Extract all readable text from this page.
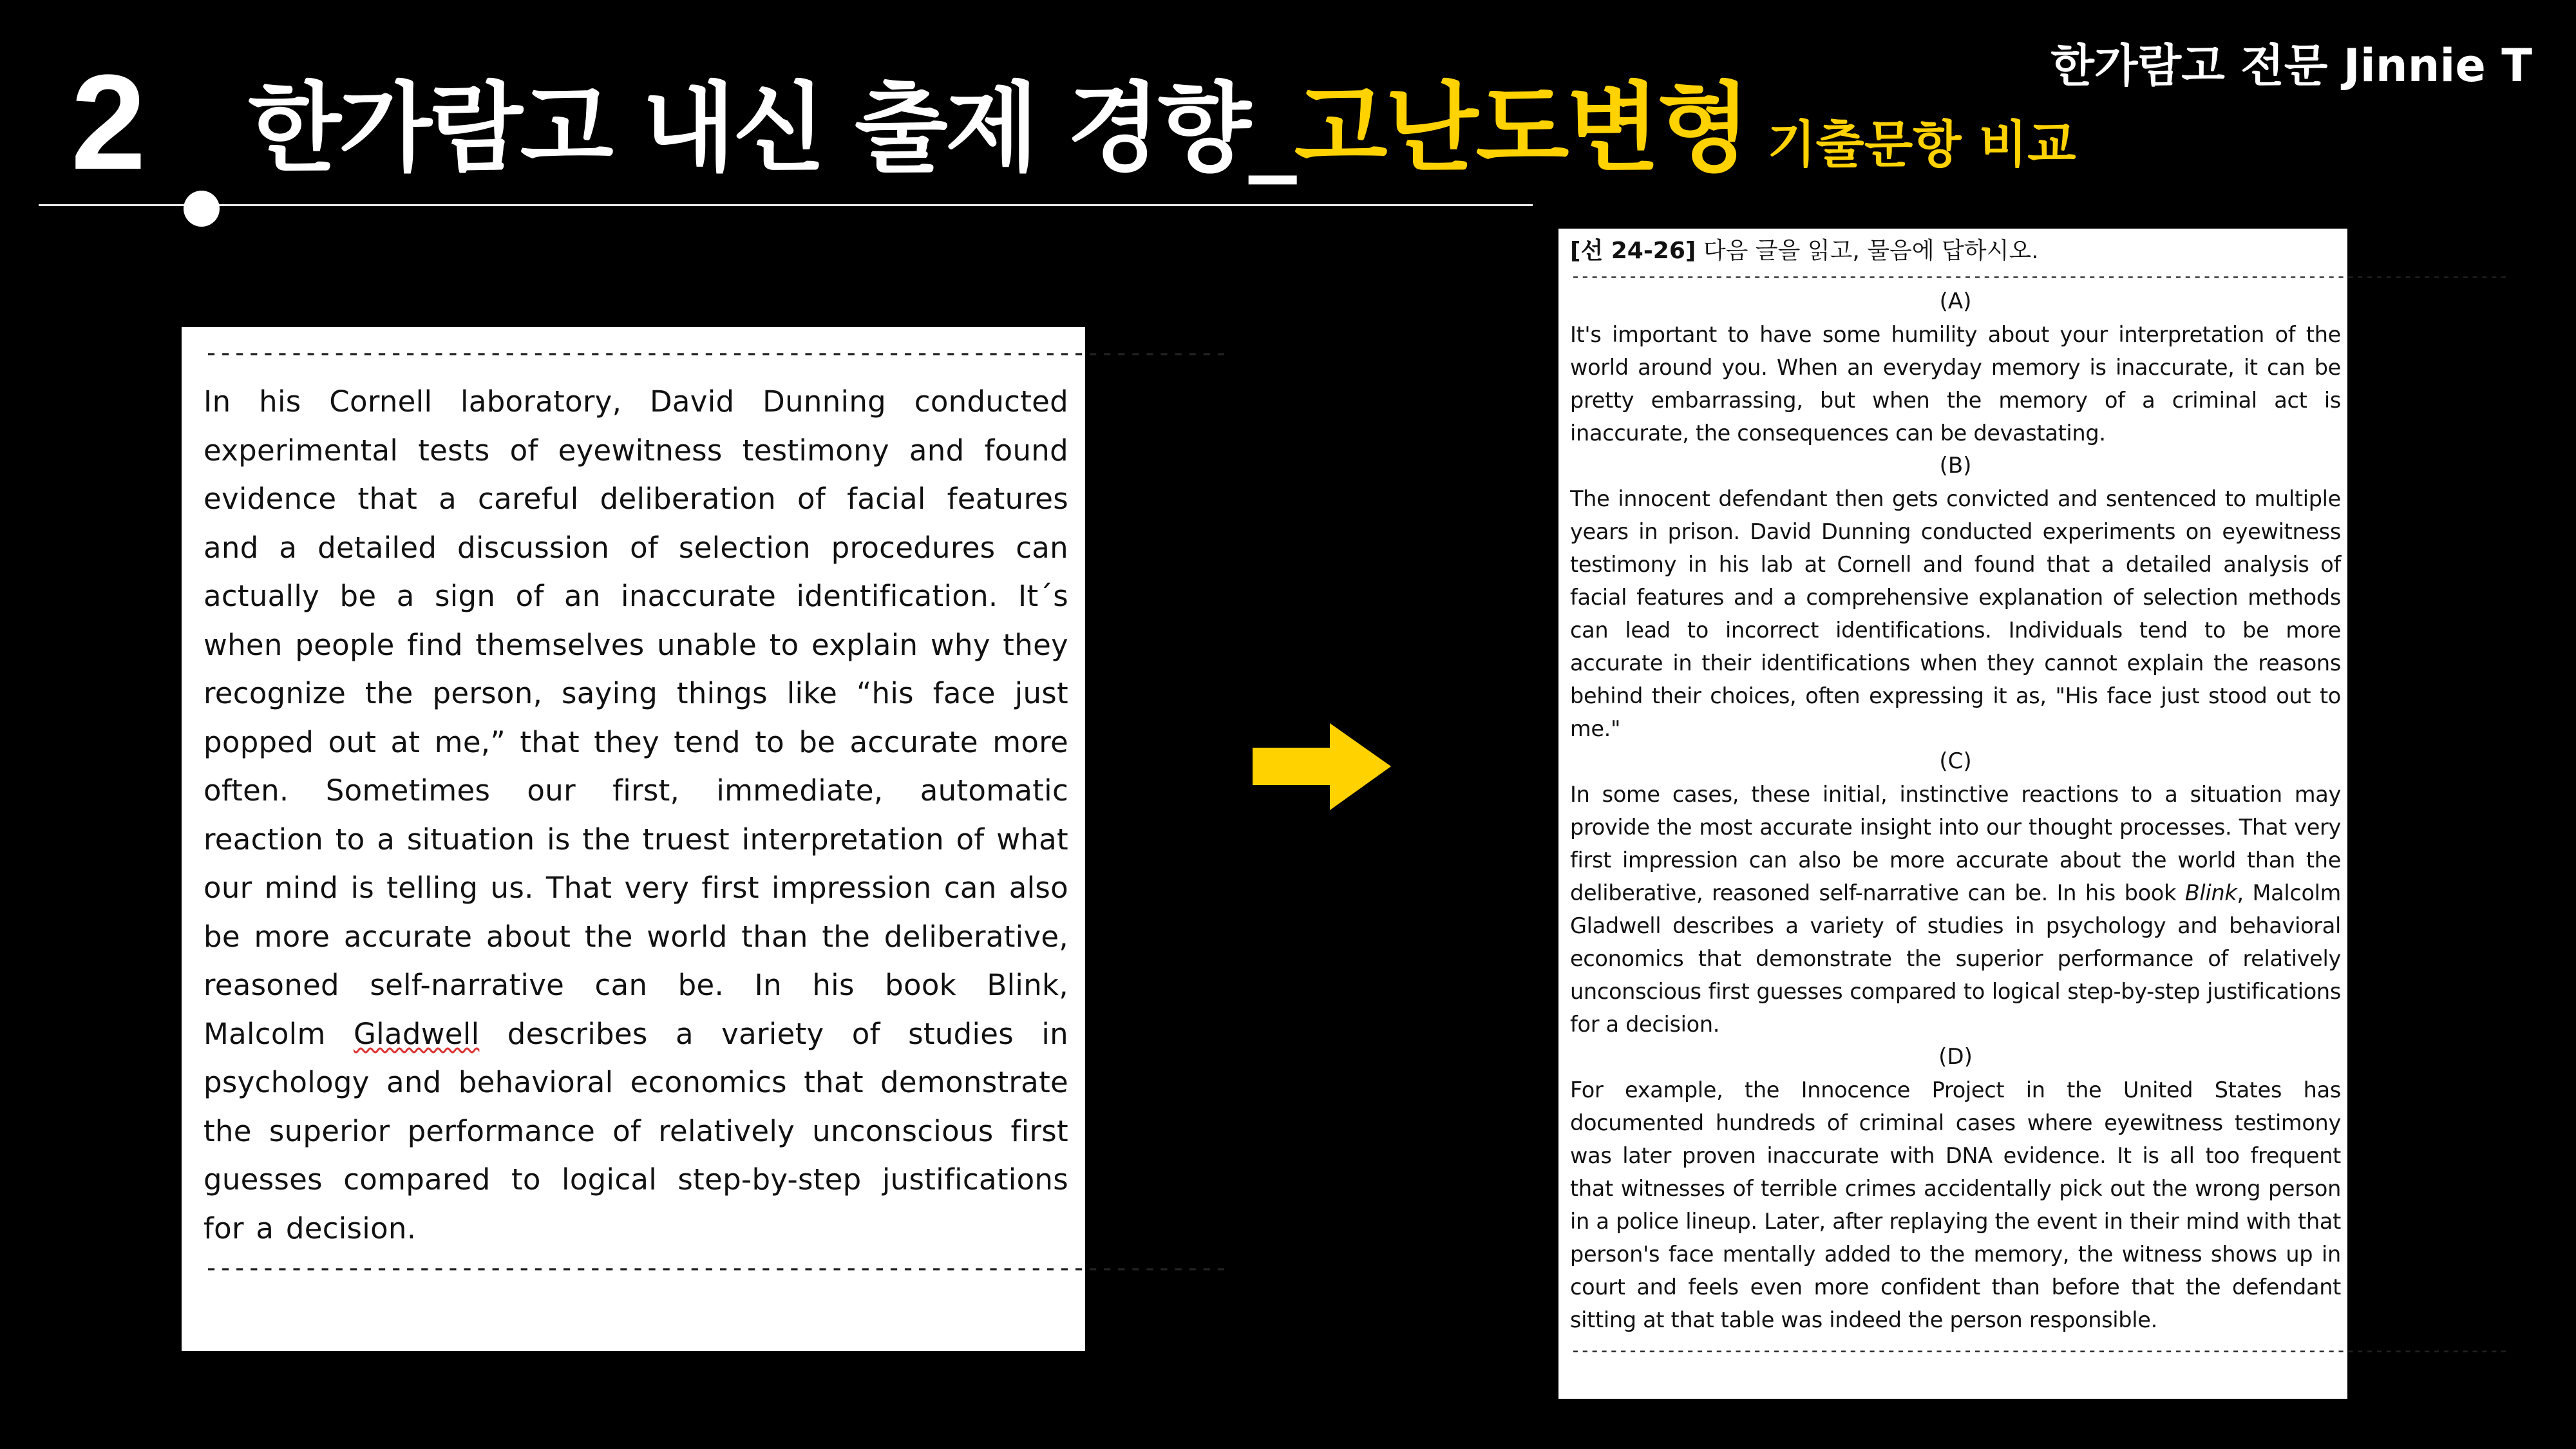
한가람고 전문 Jinnie T
2 한가람고 내신 출제 경향_고난도변형 기출문항 비교
------------------------------------------------------------------------

In his Cornell laboratory, David Dunning conducted experimental tests of eyewitness testimony and found evidence that a careful deliberation of facial features and a detailed discussion of selection procedures can actually be a sign of an inaccurate identification. It´s when people find themselves unable to explain why they recognize the person, saying things like “his face just popped out at me,” that they tend to be accurate more often. Sometimes our first, immediate, automatic reaction to a situation is the truest interpretation of what our mind is telling us. That very first impression can also be more accurate about the world than the deliberative, reasoned self-narrative can be. In his book Blink, Malcolm Gladwell describes a variety of studies in psychology and behavioral economics that demonstrate the superior performance of relatively unconscious first guesses compared to logical step-by-step justifications for a decision.

------------------------------------------------------------------------
[선 24-26] 다음 글을 읽고, 물음에 답하시오.
--------------------------------------------------------------------------------------------------
(A)

It's important to have some humility about your interpretation of the world around you. When an everyday memory is inaccurate, it can be pretty embarrassing, but when the memory of a criminal act is inaccurate, the consequences can be devastating.

(B)

The innocent defendant then gets convicted and sentenced to multiple years in prison. David Dunning conducted experiments on eyewitness testimony in his lab at Cornell and found that a detailed analysis of facial features and a comprehensive explanation of selection methods can lead to incorrect identifications. Individuals tend to be more accurate in their identifications when they cannot explain the reasons behind their choices, often expressing it as, "His face just stood out to me."

(C)

In some cases, these initial, instinctive reactions to a situation may provide the most accurate insight into our thought processes. That very first impression can also be more accurate about the world than the deliberative, reasoned self-narrative can be. In his book Blink, Malcolm Gladwell describes a variety of studies in psychology and behavioral economics that demonstrate the superior performance of relatively unconscious first guesses compared to logical step-by-step justifications for a decision.

(D)

For example, the Innocence Project in the United States has documented hundreds of criminal cases where eyewitness testimony was later proven inaccurate with DNA evidence. It is all too frequent that witnesses of terrible crimes accidentally pick out the wrong person in a police lineup. Later, after replaying the event in their mind with that person's face mentally added to the memory, the witness shows up in court and feels even more confident than before that the defendant sitting at that table was indeed the person responsible.

--------------------------------------------------------------------------------------------------
